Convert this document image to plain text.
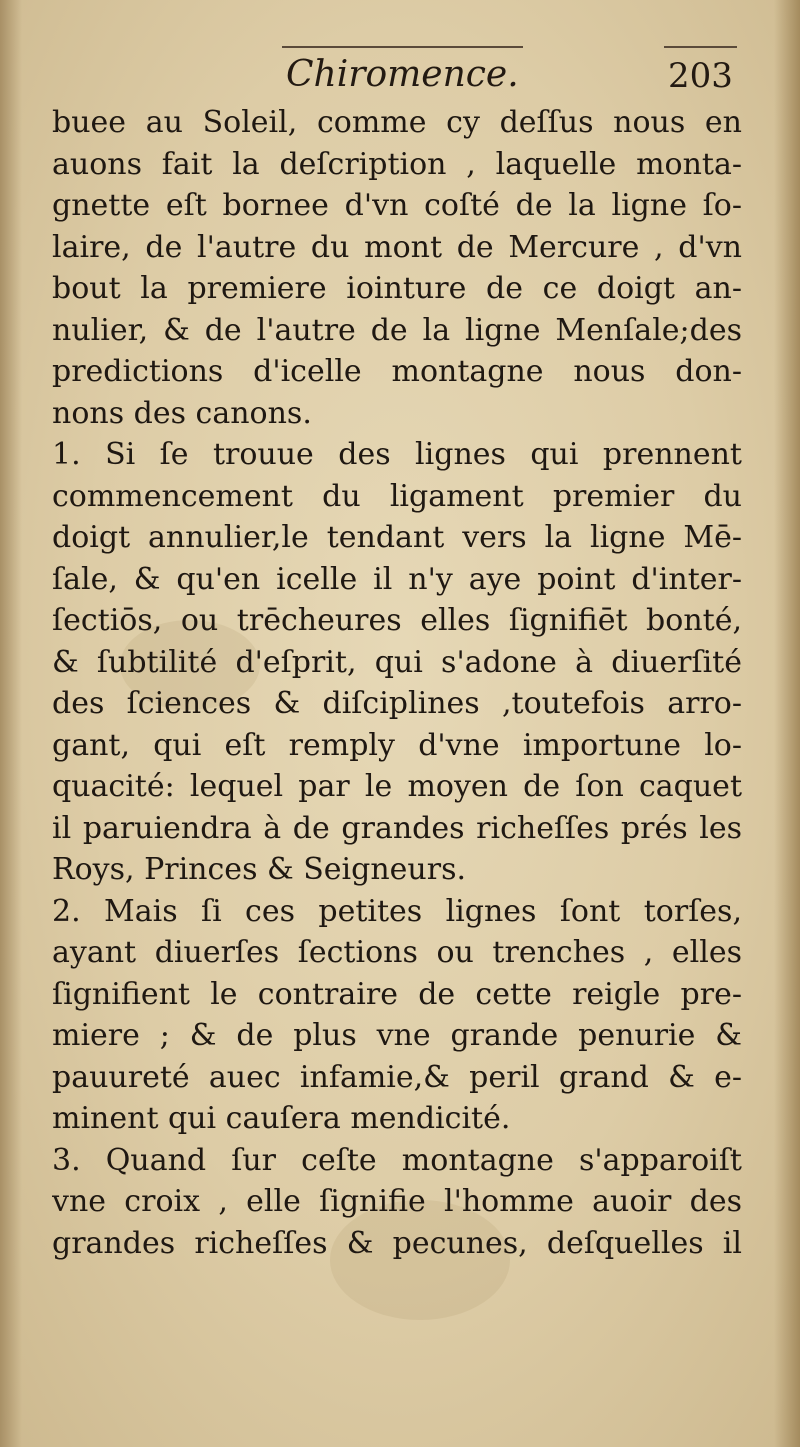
Chiromence.	203
buee au Soleil, comme cy deſſus nous en
auons fait la deſcription , laquelle monta-
gnette eſt bornee d'vn coſté de la ligne ſo-
laire, de l'autre du mont de Mercure , d'vn
bout la premiere iointure de ce doigt an-
nulier, & de l'autre de la ligne Menſale;des
predictions d'icelle montagne nous don-
nons des canons.
1. Si ſe trouue des lignes qui prennent
commencement du ligament premier du
doigt annulier,le tendant vers la ligne Mē-
ſale, & qu'en icelle il n'y aye point d'inter-
ſectiōs, ou trēcheures elles ſignifiēt bonté,
& ſubtilité d'eſprit, qui s'adone à diuerſité
des ſciences & diſciplines ,toutefois arro-
gant, qui eſt remply d'vne importune lo-
quacité: lequel par le moyen de ſon caquet
il paruiendra à de grandes richeſſes prés les
Roys, Princes & Seigneurs.
2. Mais ſi ces petites lignes ſont torſes,
ayant diuerſes ſections ou trenches , elles
ſignifient le contraire de cette reigle pre-
miere ; & de plus vne grande penurie &
pauureté auec infamie,& peril grand & e-
minent qui cauſera mendicité.
3. Quand ſur ceſte montagne s'apparoiſt
vne croix , elle ſignifie l'homme auoir des
grandes richeſſes & pecunes, deſquelles il
